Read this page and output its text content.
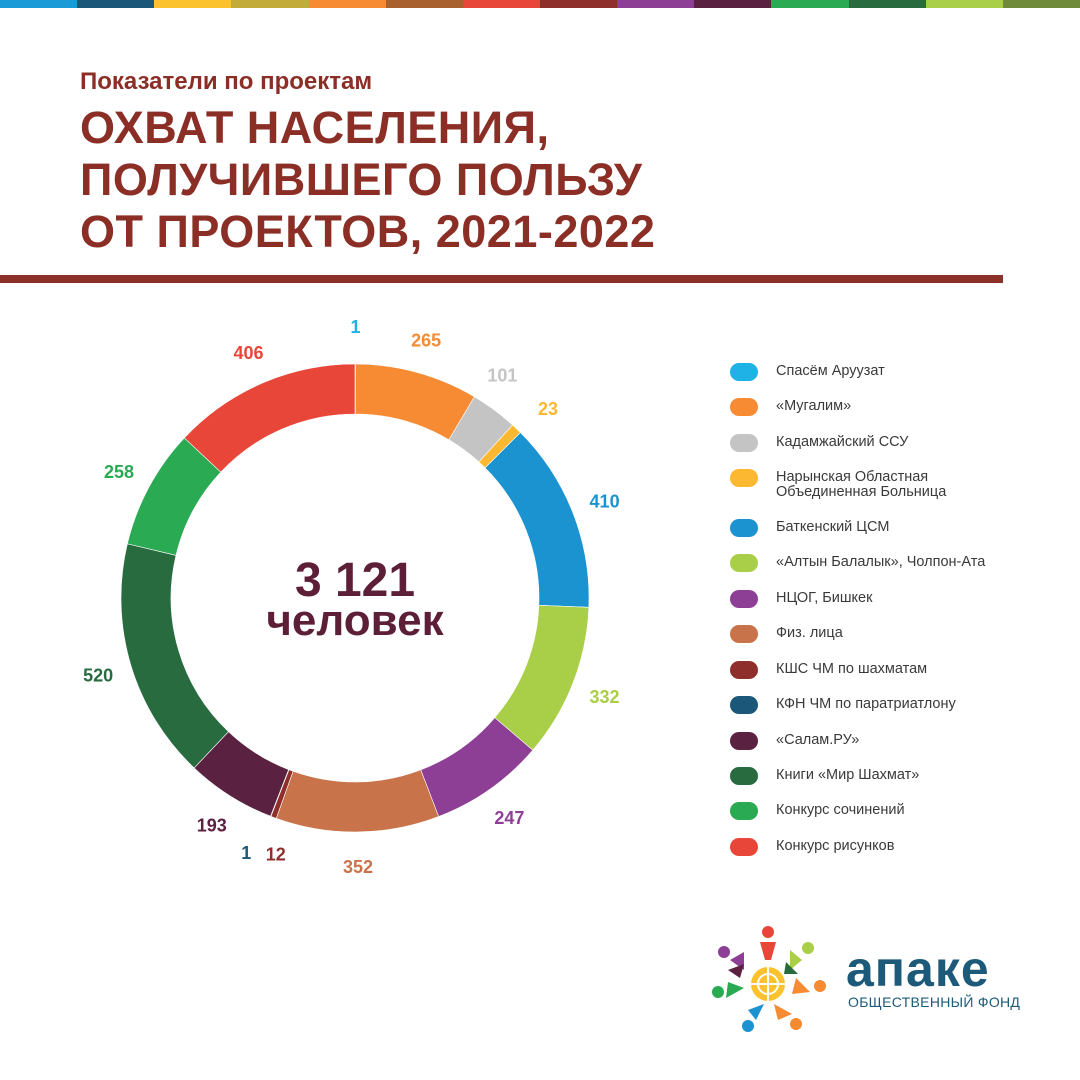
Показатели по проектам
ОХВАТ НАСЕЛЕНИЯ,
ПОЛУЧИВШЕГО ПОЛЬЗУ
ОТ ПРОЕКТОВ, 2021-2022
1
265
101
23
410
332
247
352
12
1
193
520
258
406
3 121
человек
Спасём Аруузат
«Мугалим»
Кадамжайский ССУ
Нарынская Областная
Объединенная Больница
Баткенский ЦСМ
«Алтын Балалык», Чолпон-Ата
НЦОГ, Бишкек
Физ. лица
КШС ЧМ по шахматам
КФН ЧМ по паратриатлону
«Салам.РУ»
Книги «Мир Шахмат»
Конкурс сочинений
Конкурс рисунков
апаке
ОБЩЕСТВЕННЫЙ ФОНД
